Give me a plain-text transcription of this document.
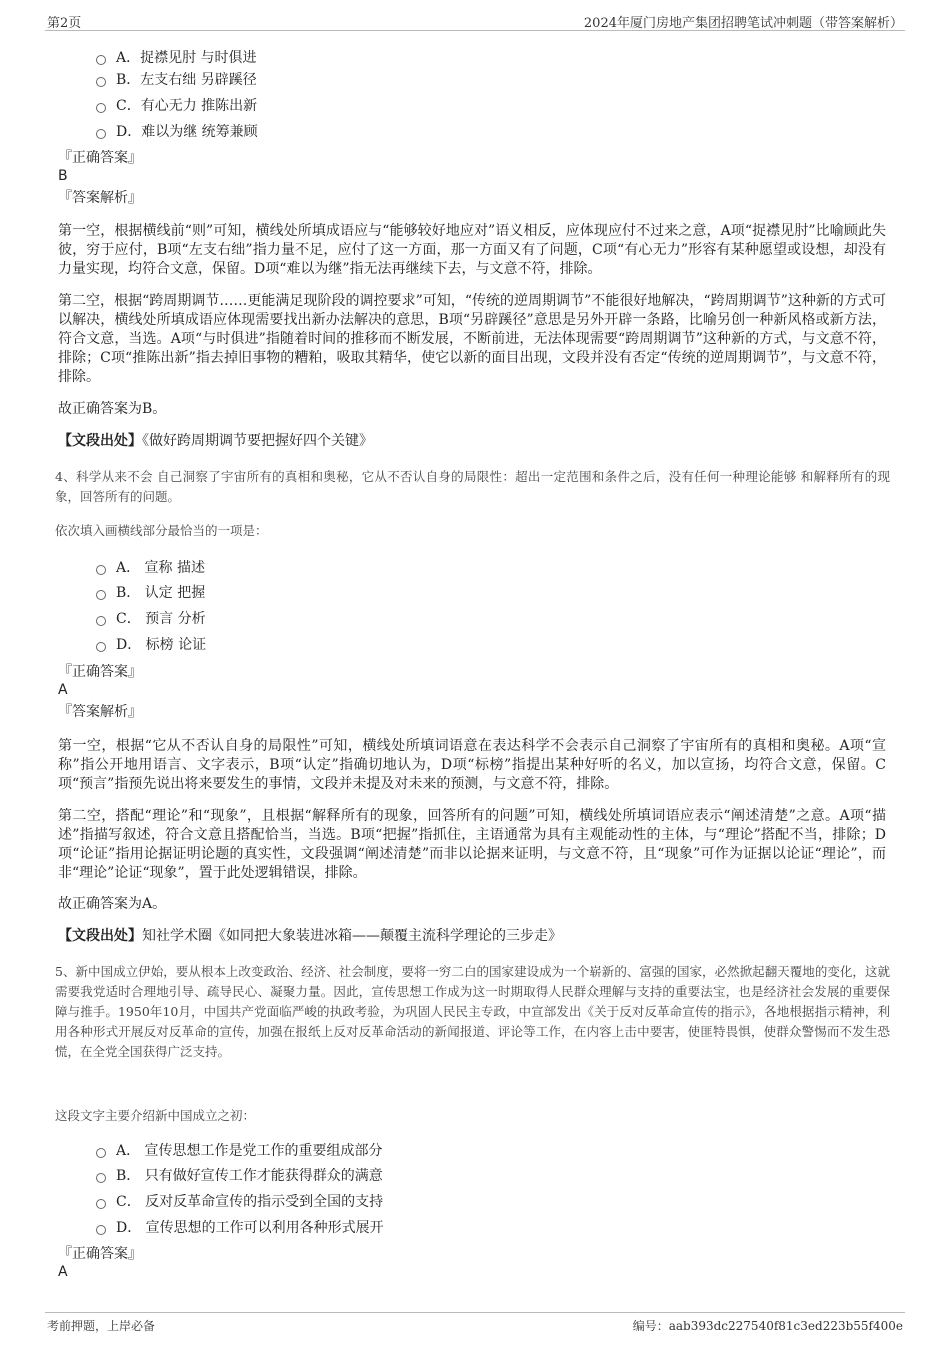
第2页	2024年厦门房地产集团招聘笔试冲刺题（带答案解析）
A．捉襟见肘 与时俱进
B．左支右绌 另辟蹊径
C．有心无力 推陈出新
D．难以为继 统筹兼顾
『正确答案』
B
『答案解析』
第一空，根据横线前“则”可知，横线处所填成语应与“能够较好地应对”语义相反，应体现应付不过来之意，A项“捉襟见肘”比喻顾此失彼，穷于应付，B项“左支右绌”指力量不足，应付了这一方面，那一方面又有了问题，C项“有心无力”形容有某种愿望或设想，却没有力量实现，均符合文意，保留。D项“难以为继”指无法再继续下去，与文意不符，排除。
第二空，根据“跨周期调节……更能满足现阶段的调控要求”可知，“传统的逆周期调节”不能很好地解决，“跨周期调节”这种新的方式可以解决，横线处所填成语应体现需要找出新办法解决的意思，B项“另辟蹊径”意思是另外开辟一条路，比喻另创一种新风格或新方法，符合文意，当选。A项“与时俱进”指随着时间的推移而不断发展，不断前进，无法体现需要“跨周期调节”这种新的方式，与文意不符，排除；C项“推陈出新”指去掉旧事物的糟粕，吸取其精华，使它以新的面目出现，文段并没有否定“传统的逆周期调节”，与文意不符，排除。
故正确答案为B。
【文段出处】《做好跨周期调节要把握好四个关键》
4、科学从来不会 自己洞察了宇宙所有的真相和奥秘，它从不否认自身的局限性：超出一定范围和条件之后，没有任何一种理论能够 和解释所有的现象，回答所有的问题。
依次填入画横线部分最恰当的一项是：
A． 宣称 描述
B． 认定 把握
C． 预言 分析
D． 标榜 论证
『正确答案』
A
『答案解析』
第一空，根据“它从不否认自身的局限性”可知，横线处所填词语意在表达科学不会表示自己洞察了宇宙所有的真相和奥秘。A项“宣称”指公开地用语言、文字表示，B项“认定”指确切地认为，D项“标榜”指提出某种好听的名义，加以宣扬，均符合文意，保留。C项“预言”指预先说出将来要发生的事情，文段并未提及对未来的预测，与文意不符，排除。
第二空，搭配“理论”和“现象”，且根据“解释所有的现象，回答所有的问题”可知，横线处所填词语应表示“阐述清楚”之意。A项“描述”指描写叙述，符合文意且搭配恰当，当选。B项“把握”指抓住，主语通常为具有主观能动性的主体，与“理论”搭配不当，排除；D项“论证”指用论据证明论题的真实性，文段强调“阐述清楚”而非以论据来证明，与文意不符，且“现象”可作为证据以论证“理论”，而非“理论”论证“现象”，置于此处逻辑错误，排除。
故正确答案为A。
【文段出处】知社学术圈《如同把大象装进冰箱——颠覆主流科学理论的三步走》
5、新中国成立伊始，要从根本上改变政治、经济、社会制度，要将一穷二白的国家建设成为一个崭新的、富强的国家，必然掀起翻天覆地的变化，这就需要我党适时合理地引导、疏导民心、凝聚力量。因此，宣传思想工作成为这一时期取得人民群众理解与支持的重要法宝，也是经济社会发展的重要保障与推手。1950年10月，中国共产党面临严峻的执政考验，为巩固人民民主专政，中宣部发出《关于反对反革命宣传的指示》，各地根据指示精神，利用各种形式开展反对反革命的宣传，加强在报纸上反对反革命活动的新闻报道、评论等工作，在内容上击中要害，使匪特畏惧，使群众警惕而不发生恐慌，在全党全国获得广泛支持。
这段文字主要介绍新中国成立之初：
A． 宣传思想工作是党工作的重要组成部分
B． 只有做好宣传工作才能获得群众的满意
C． 反对反革命宣传的指示受到全国的支持
D． 宣传思想的工作可以利用各种形式展开
『正确答案』
A
考前押题，上岸必备	编号：aab393dc227540f81c3ed223b55f400e
